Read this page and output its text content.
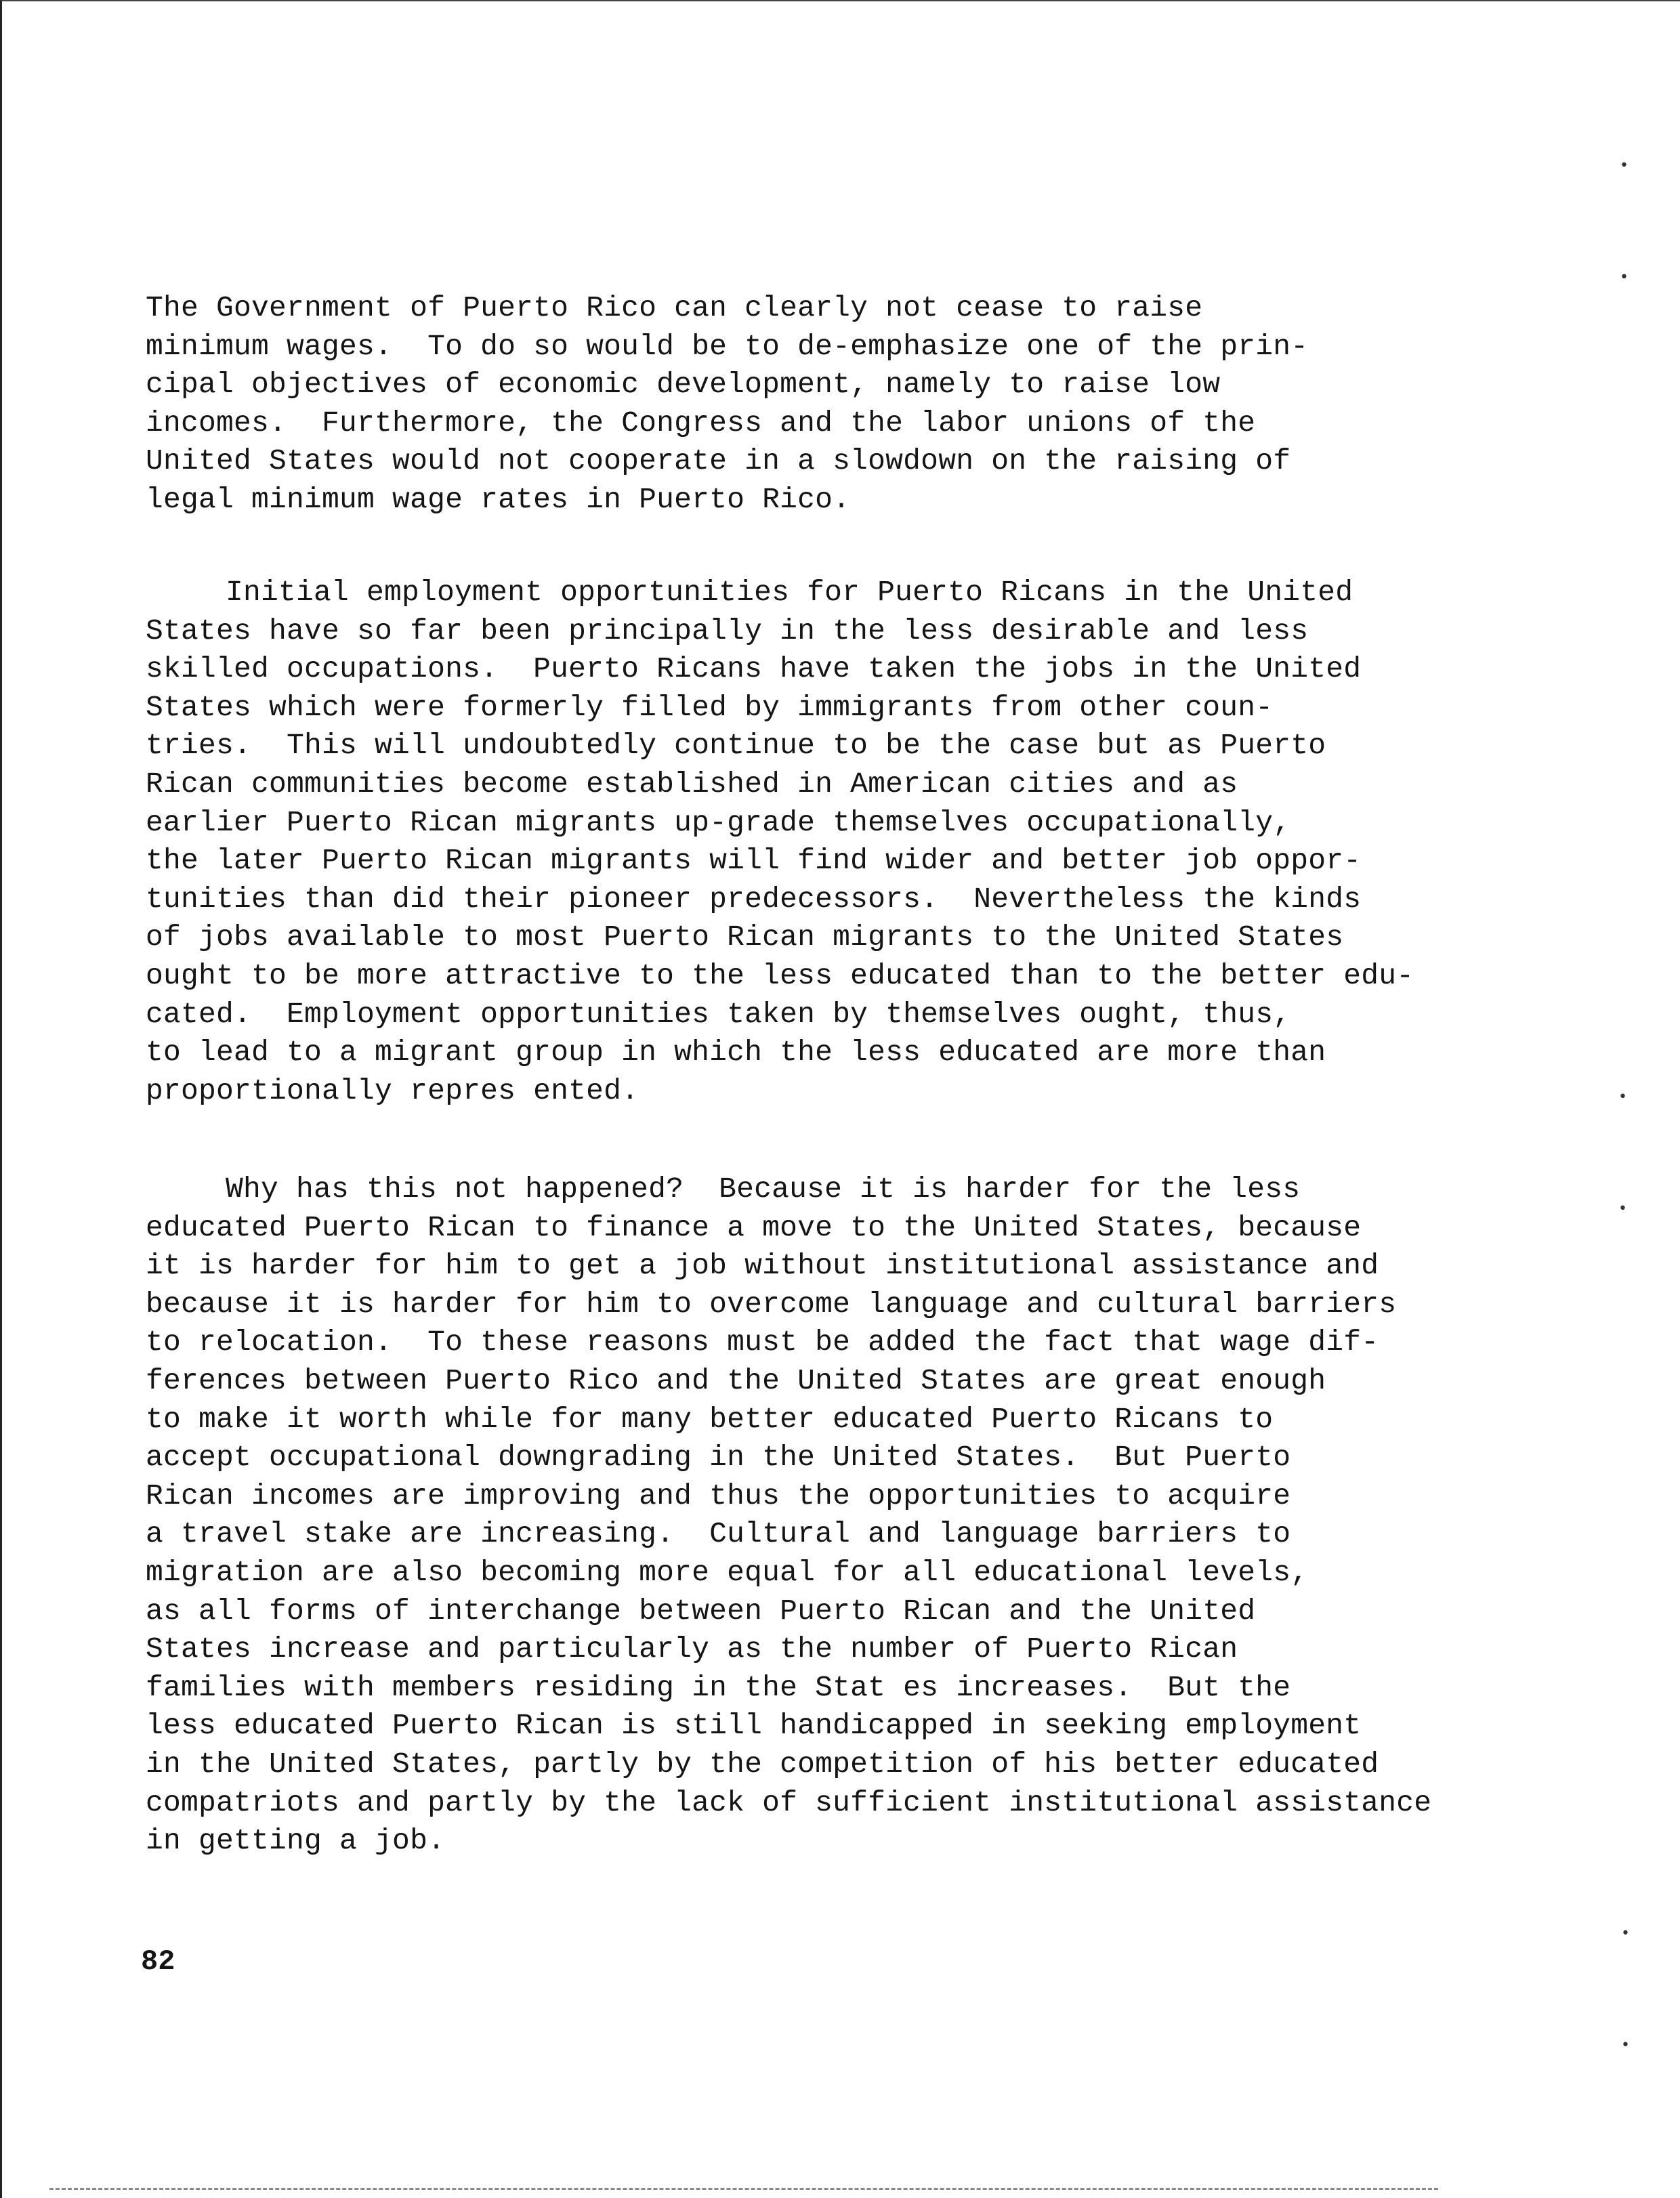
The Government of Puerto Rico can clearly not cease to raise
minimum wages.  To do so would be to de-emphasize one of the prin-
cipal objectives of economic development, namely to raise low
incomes.  Furthermore, the Congress and the labor unions of the
United States would not cooperate in a slowdown on the raising of
legal minimum wage rates in Puerto Rico.
Initial employment opportunities for Puerto Ricans in the United
States have so far been principally in the less desirable and less
skilled occupations.  Puerto Ricans have taken the jobs in the United
States which were formerly filled by immigrants from other coun-
tries.  This will undoubtedly continue to be the case but as Puerto
Rican communities become established in American cities and as
earlier Puerto Rican migrants up-grade themselves occupationally,
the later Puerto Rican migrants will find wider and better job oppor-
tunities than did their pioneer predecessors.  Nevertheless the kinds
of jobs available to most Puerto Rican migrants to the United States
ought to be more attractive to the less educated than to the better edu-
cated.  Employment opportunities taken by themselves ought, thus,
to lead to a migrant group in which the less educated are more than
proportionally repres ented.
Why has this not happened?  Because it is harder for the less
educated Puerto Rican to finance a move to the United States, because
it is harder for him to get a job without institutional assistance and
because it is harder for him to overcome language and cultural barriers
to relocation.  To these reasons must be added the fact that wage dif-
ferences between Puerto Rico and the United States are great enough
to make it worth while for many better educated Puerto Ricans to
accept occupational downgrading in the United States.  But Puerto
Rican incomes are improving and thus the opportunities to acquire
a travel stake are increasing.  Cultural and language barriers to
migration are also becoming more equal for all educational levels,
as all forms of interchange between Puerto Rican and the United
States increase and particularly as the number of Puerto Rican
families with members residing in the Stat es increases.  But the
less educated Puerto Rican is still handicapped in seeking employment
in the United States, partly by the competition of his better educated
compatriots and partly by the lack of sufficient institutional assistance
in getting a job.
82
•
•
•
•
•
•
